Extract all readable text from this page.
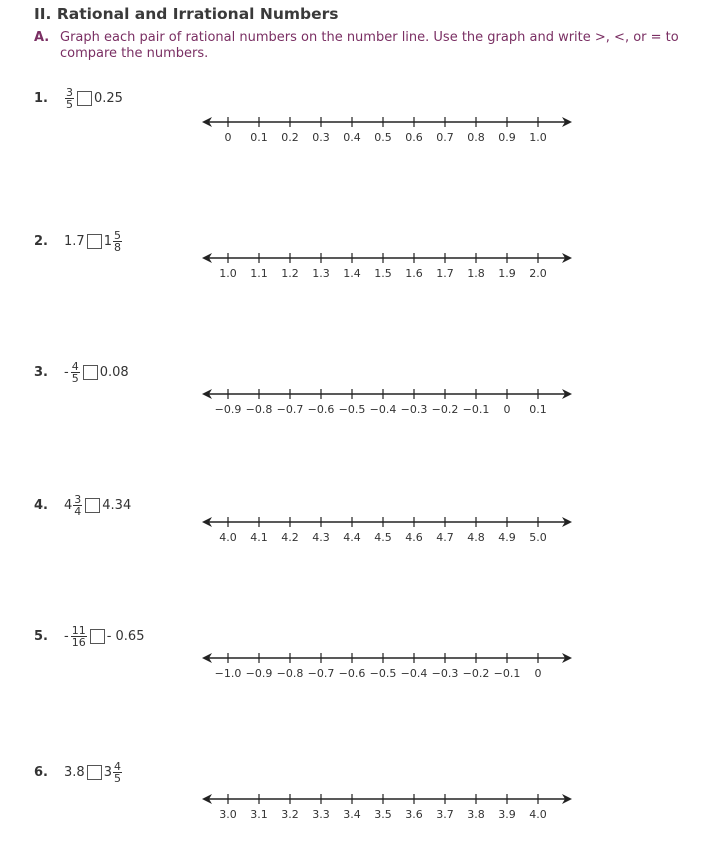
II. Rational and Irrational Numbers
A. Graph each pair of rational numbers on the number line. Use the graph and write >, <, or = to compare the numbers.
1.	$\frac{3}{5} 0.25$
0 0.1 0.2 0.3 0.4 0.5 0.6 0.7 0.8 0.9 1.0
2.	1.7 $1 \frac{5}{8}$
1.0 1.1 1.2 1.3 1.4 1.5 1.6 1.7 1.8 1.9 2.0
3.	- $\frac{4}{5} 0.08$
−0.9 −0.8 −0.7 −0.6 −0.5 −0.4 −0.3 −0.2 −0.1 0 0.1
4.	$4 \frac{3}{4} 4.34$
4.0 4.1 4.2 4.3 4.4 4.5 4.6 4.7 4.8 4.9 5.0
5.	- $\frac{11}{16} - 0.65$
−1.0 −0.9 −0.8 −0.7 −0.6 −0.5 −0.4 −0.3 −0.2 −0.1 0
6.	3.8 $3 \frac{4}{5}$
3.0 3.1 3.2 3.3 3.4 3.5 3.6 3.7 3.8 3.9 4.0
